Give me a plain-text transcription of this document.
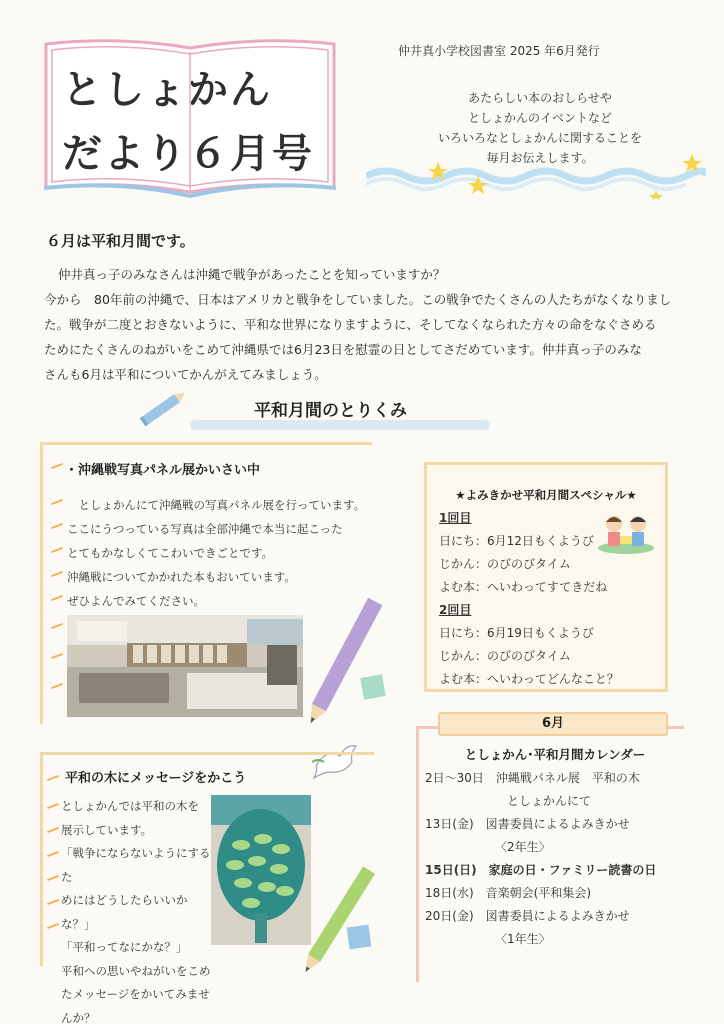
としょかん
だより６月号
仲井真小学校図書室 2025 年6月発行
あたらしい本のおしらせや
としょかんのイベントなど
いろいろなとしょかんに関することを
毎月お伝えします。
６月は平和月間です。

仲井真っ子のみなさんは沖縄で戦争があったことを知っていますか？

今から　80年前の沖縄で、日本はアメリカと戦争をしていました。この戦争でたくさんの人たちがなくなりまし

た。戦争が二度とおきないように、平和な世界になりますように、そしてなくなられた方々の命をなぐさめる

ためにたくさんのねがいをこめて沖縄県では6月23日を慰霊の日としてさだめています。仲井真っ子のみな

さんも6月は平和についてかんがえてみましょう。

平和月間のとりくみ
・沖縄戦写真パネル展かいさい中
　としょかんにて沖縄戦の写真パネル展を行っています。
ここにうつっている写真は全部沖縄で本当に起こった
とてもかなしくてこわいできごとです。
沖縄戦についてかかれた本もおいています。
ぜひよんでみてください。
★よみきかせ平和月間スペシャル★
1回目
日にち：6月12日もくようび
じかん：のびのびタイム
よむ本：へいわってすてきだね
2回目
日にち：6月19日もくようび
じかん：のびのびタイム
よむ本：へいわってどんなこと？
平和の木にメッセージをかこう
としょかんでは平和の木を
展示しています。
「戦争にならないようにするた
めにはどうしたらいいかな？」
「平和ってなにかな？」
平和への思いやねがいをこめ
たメッセージをかいてみませ
んか？
としょかん･平和月間カレンダー
2日～30日　沖縄戦パネル展　平和の木
としょかんにて
13日(金)　図書委員によるよみきかせ
〈2年生〉
15日(日)　家庭の日・ファミリー読書の日
18日(水)　音楽朝会(平和集会)
20日(金)　図書委員によるよみきかせ
〈1年生〉
6月
